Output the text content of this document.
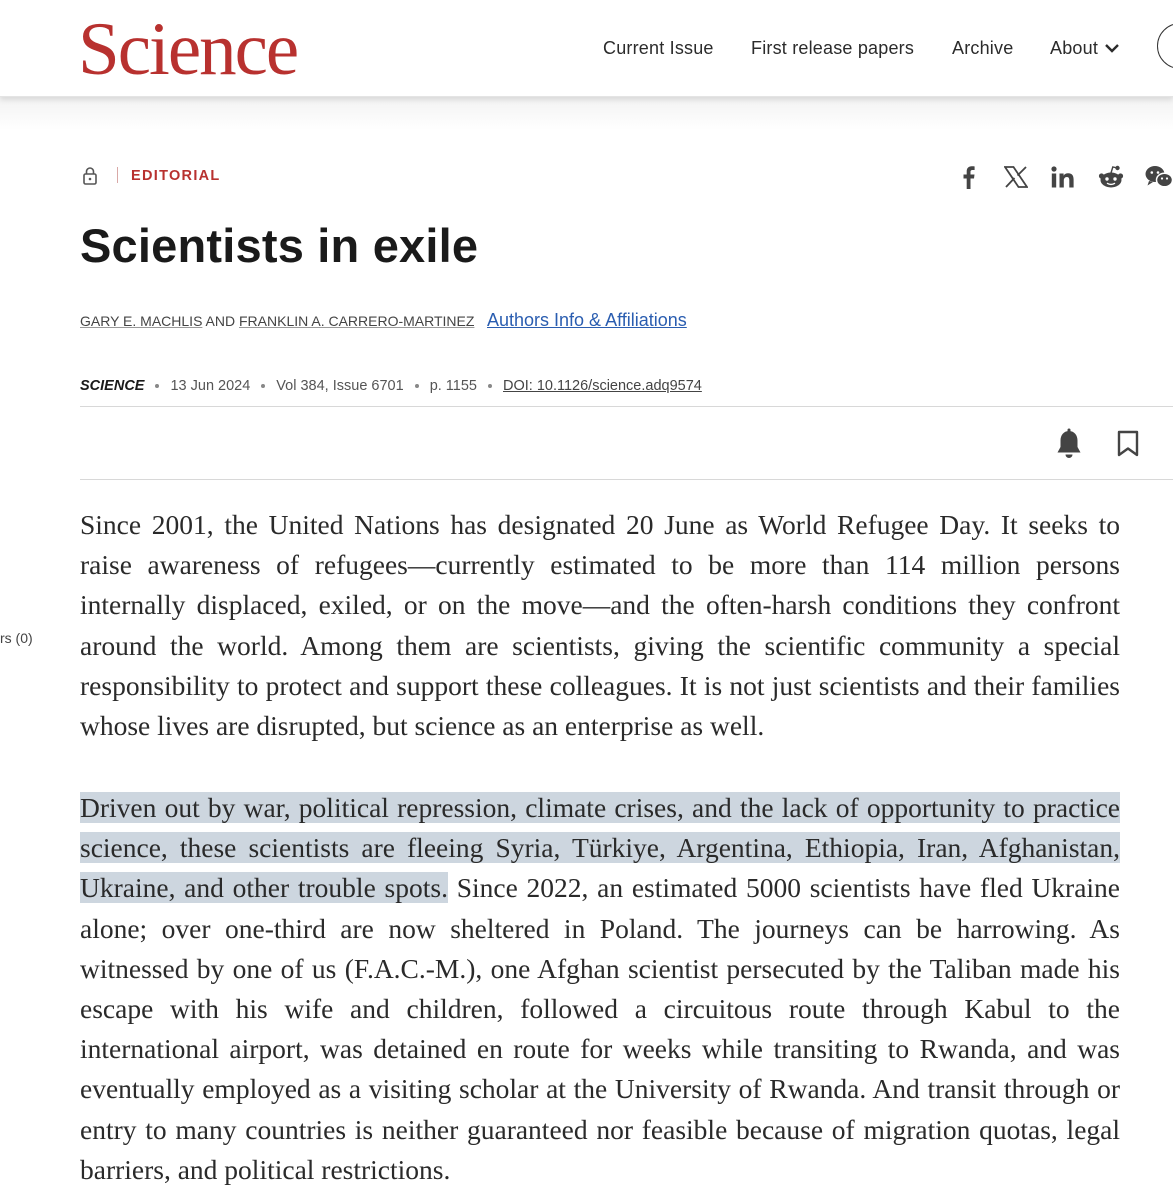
Science	Current Issue First release papers Archive About
EDITORIAL
Scientists in exile
GARY E. MACHLIS AND FRANKLIN A. CARRERO-MARTINEZ Authors Info & Affiliations
SCIENCE 13 Jun 2024 Vol 384, Issue 6701 p. 1155 DOI: 10.1126/science.adq9574
rs (0)

Since 2001, the United Nations has designated 20 June as World Refugee Day. It seeks to raise awareness of refugees—currently estimated to be more than 114 million persons internally displaced, exiled, or on the move—and the often-harsh conditions they confront around the world. Among them are scientists, giving the scientific community a special responsibility to protect and support these colleagues. It is not just scientists and their families whose lives are disrupted, but science as an enterprise as well.

Driven out by war, political repression, climate crises, and the lack of opportunity to practice science, these scientists are fleeing Syria, Türkiye, Argentina, Ethiopia, Iran, Afghanistan, Ukraine, and other trouble spots. Since 2022, an estimated 5000 scientists have fled Ukraine alone; over one-third are now sheltered in Poland. The journeys can be harrowing. As witnessed by one of us (F.A.C.-M.), one Afghan scientist persecuted by the Taliban made his escape with his wife and children, followed a circuitous route through Kabul to the international airport, was detained en route for weeks while transiting to Rwanda, and was eventually employed as a visiting scholar at the University of Rwanda. And transit through or entry to many countries is neither guaranteed nor feasible because of migration quotas, legal barriers, and political restrictions.
